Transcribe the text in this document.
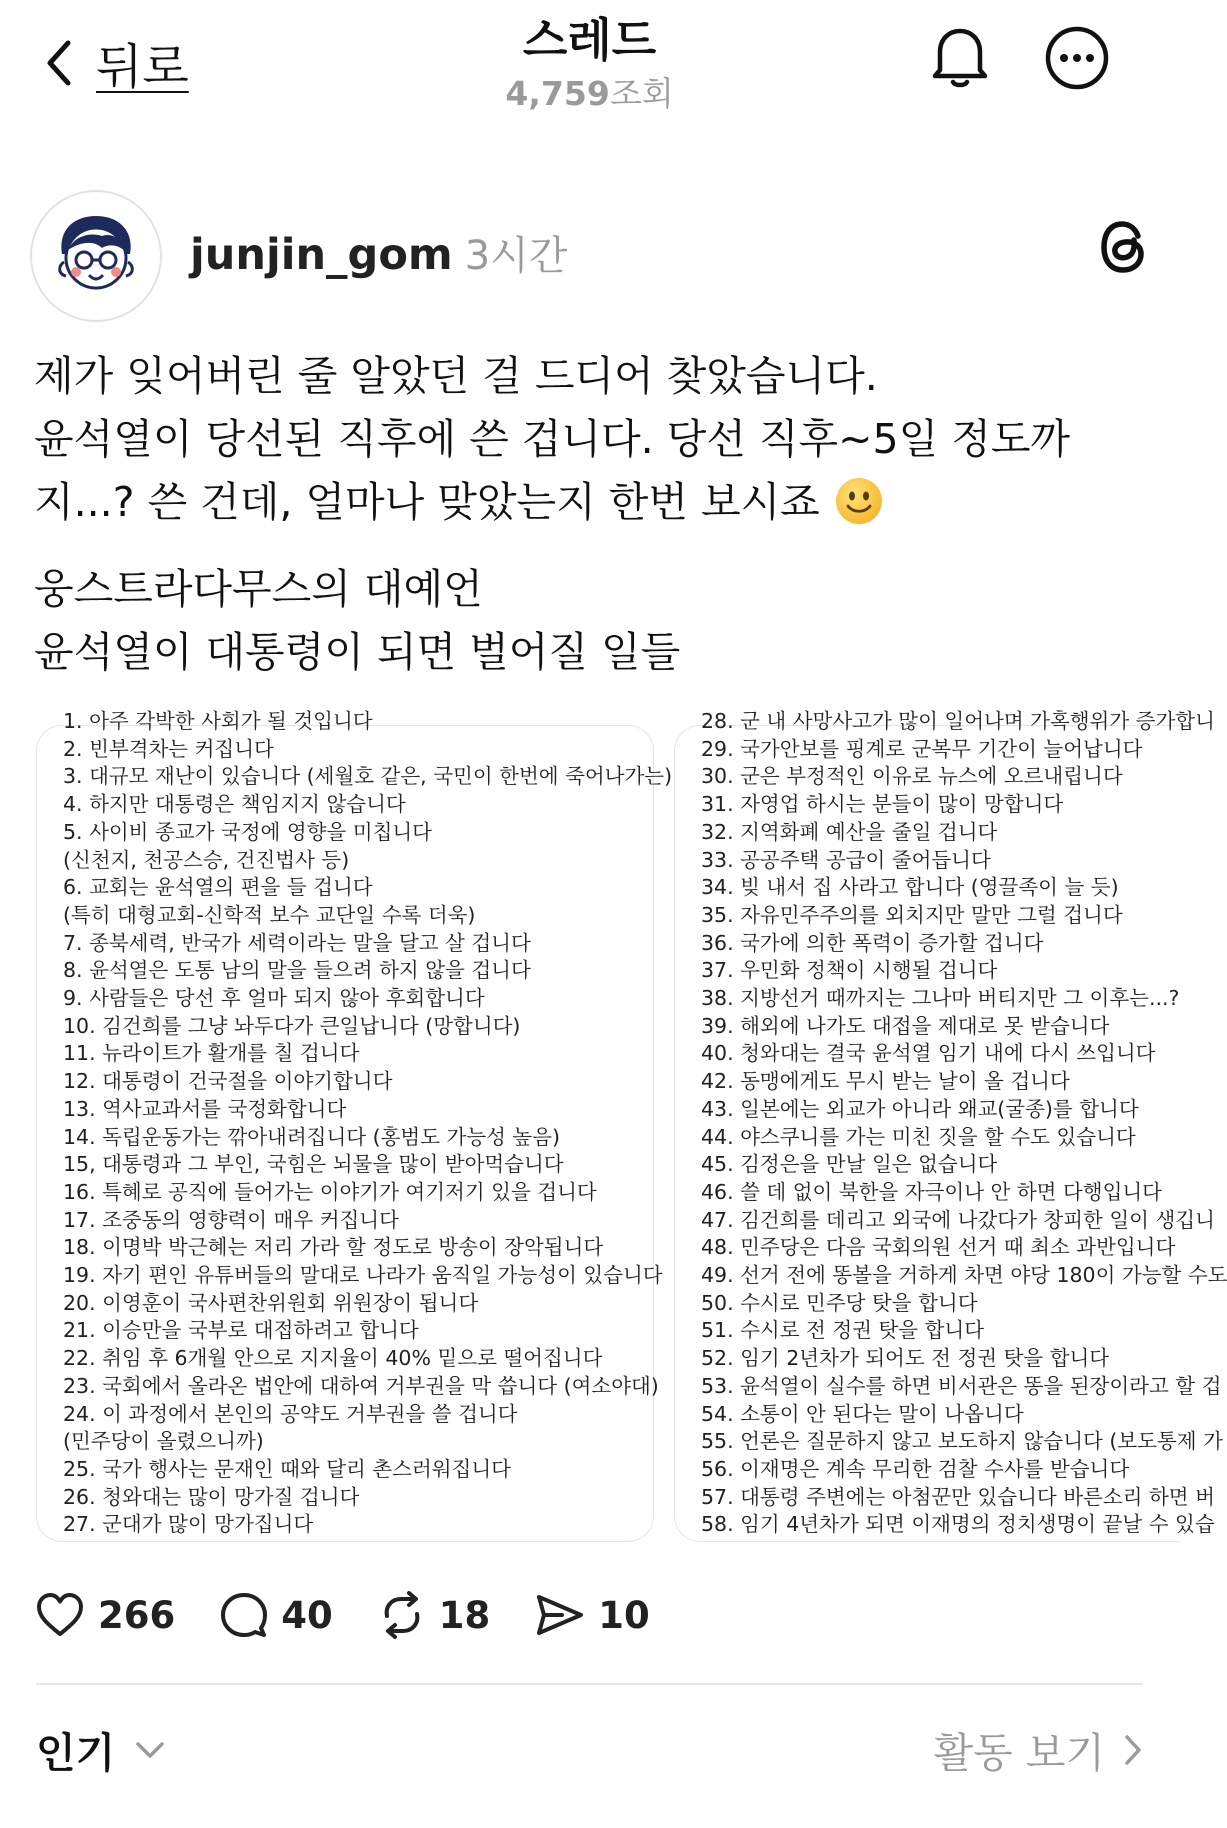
뒤로	스레드
4,759조회
junjin_gom 3시간
제가 잊어버린 줄 알았던 걸 드디어 찾았습니다.
윤석열이 당선된 직후에 쓴 겁니다. 당선 직후~5일 정도까
지...? 쓴 건데, 얼마나 맞았는지 한번 보시죠
웅스트라다무스의 대예언
윤석열이 대통령이 되면 벌어질 일들
1. 아주 각박한 사회가 될 것입니다
2. 빈부격차는 커집니다
3. 대규모 재난이 있습니다 (세월호 같은, 국민이 한번에 죽어나가는)
4. 하지만 대통령은 책임지지 않습니다
5. 사이비 종교가 국정에 영향을 미칩니다
(신천지, 천공스승, 건진법사 등)
6. 교회는 윤석열의 편을 들 겁니다
(특히 대형교회-신학적 보수 교단일 수록 더욱)
7. 종북세력, 반국가 세력이라는 말을 달고 살 겁니다
8. 윤석열은 도통 남의 말을 들으려 하지 않을 겁니다
9. 사람들은 당선 후 얼마 되지 않아 후회합니다
10. 김건희를 그냥 놔두다가 큰일납니다 (망합니다)
11. 뉴라이트가 활개를 칠 겁니다
12. 대통령이 건국절을 이야기합니다
13. 역사교과서를 국정화합니다
14. 독립운동가는 깎아내려집니다 (홍범도 가능성 높음)
15, 대통령과 그 부인, 국힘은 뇌물을 많이 받아먹습니다
16. 특혜로 공직에 들어가는 이야기가 여기저기 있을 겁니다
17. 조중동의 영향력이 매우 커집니다
18. 이명박 박근혜는 저리 가라 할 정도로 방송이 장악됩니다
19. 자기 편인 유튜버들의 말대로 나라가 움직일 가능성이 있습니다
20. 이영훈이 국사편찬위원회 위원장이 됩니다
21. 이승만을 국부로 대접하려고 합니다
22. 취임 후 6개월 안으로 지지율이 40% 밑으로 떨어집니다
23. 국회에서 올라온 법안에 대하여 거부권을 막 씁니다 (여소야대)
24. 이 과정에서 본인의 공약도 거부권을 쓸 겁니다
(민주당이 올렸으니까)
25. 국가 행사는 문재인 때와 달리 촌스러워집니다
26. 청와대는 많이 망가질 겁니다
27. 군대가 많이 망가집니다
28. 군 내 사망사고가 많이 일어나며 가혹행위가 증가합니
29. 국가안보를 핑계로 군복무 기간이 늘어납니다
30. 군은 부정적인 이유로 뉴스에 오르내립니다
31. 자영업 하시는 분들이 많이 망합니다
32. 지역화폐 예산을 줄일 겁니다
33. 공공주택 공급이 줄어듭니다
34. 빚 내서 집 사라고 합니다 (영끌족이 늘 듯)
35. 자유민주주의를 외치지만 말만 그럴 겁니다
36. 국가에 의한 폭력이 증가할 겁니다
37. 우민화 정책이 시행될 겁니다
38. 지방선거 때까지는 그나마 버티지만 그 이후는...?
39. 해외에 나가도 대접을 제대로 못 받습니다
40. 청와대는 결국 윤석열 임기 내에 다시 쓰입니다
42. 동맹에게도 무시 받는 날이 올 겁니다
43. 일본에는 외교가 아니라 왜교(굴종)를 합니다
44. 야스쿠니를 가는 미친 짓을 할 수도 있습니다
45. 김정은을 만날 일은 없습니다
46. 쓸 데 없이 북한을 자극이나 안 하면 다행입니다
47. 김건희를 데리고 외국에 나갔다가 창피한 일이 생깁니
48. 민주당은 다음 국회의원 선거 때 최소 과반입니다
49. 선거 전에 똥볼을 거하게 차면 야당 180이 가능할 수도
50. 수시로 민주당 탓을 합니다
51. 수시로 전 정권 탓을 합니다
52. 임기 2년차가 되어도 전 정권 탓을 합니다
53. 윤석열이 실수를 하면 비서관은 똥을 된장이라고 할 겁
54. 소통이 안 된다는 말이 나옵니다
55. 언론은 질문하지 않고 보도하지 않습니다 (보도통제 가
56. 이재명은 계속 무리한 검찰 수사를 받습니다
57. 대통령 주변에는 아첨꾼만 있습니다 바른소리 하면 버
58. 임기 4년차가 되면 이재명의 정치생명이 끝날 수 있습
266	40	18	10
인기	활동 보기
